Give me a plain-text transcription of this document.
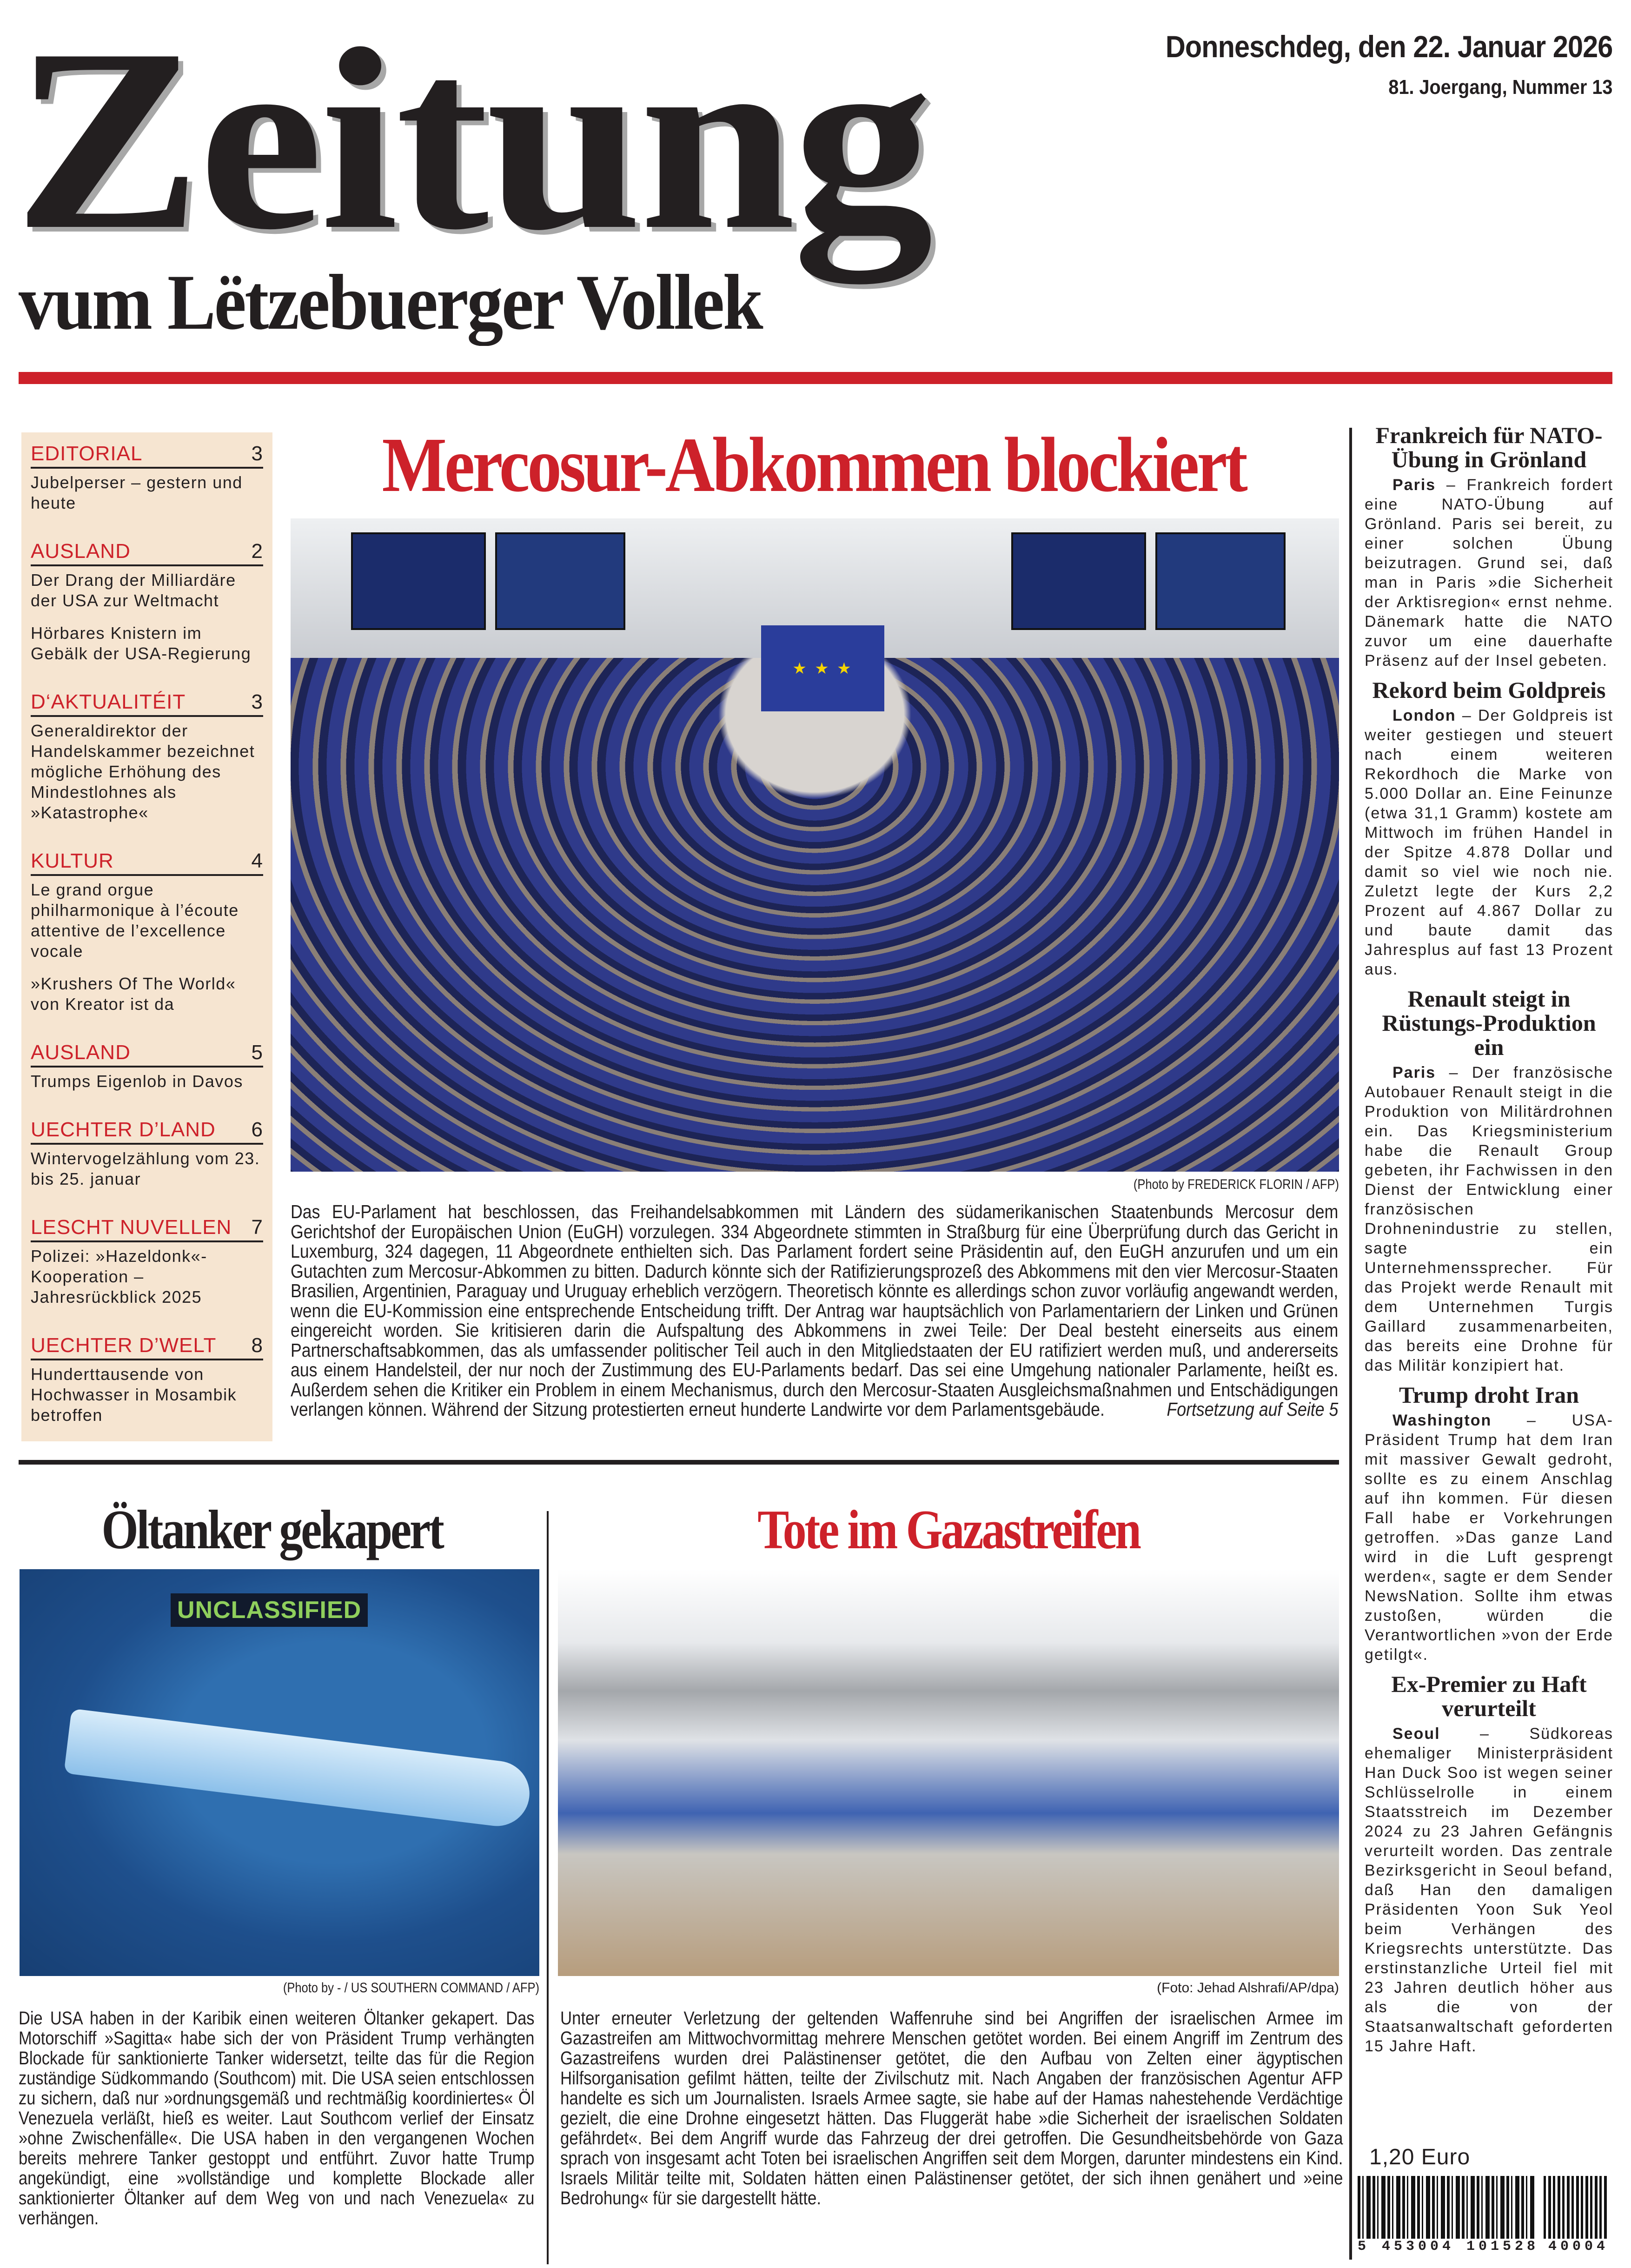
Zeitung
vum Lëtzebuerger Vollek
Donneschdeg, den 22. Januar 2026
81. Joergang, Nummer 13
EDITORIAL	3
Jubelperser – gestern und heute
AUSLAND	2
Der Drang der Milliardäre der USA zur Weltmacht
Hörbares Knistern im Gebälk der USA-Regierung
D‘AKTUALITÉIT	3
Generaldirektor der Handelskammer bezeichnet mögliche Erhöhung des Mindestlohnes als »Katastrophe«
KULTUR	4
Le grand orgue philharmonique à l’écoute attentive de l’excellence vocale
»Krushers Of The World« von Kreator ist da
AUSLAND	5
Trumps Eigenlob in Davos
UECHTER D’LAND 6
Wintervogelzählung vom 23. bis 25. januar
LESCHT NUVELLEN 7
Polizei: »Hazeldonk«-Kooperation – Jahresrückblick 2025
UECHTER D’WELT 8
Hunderttausende von Hochwasser in Mosambik betroffen
Mercosur-Abkommen blockiert
★ ★ ★
(Photo by FREDERICK FLORIN / AFP)
Das EU-Parlament hat beschlossen, das Freihandelsabkommen mit Ländern des südamerikanischen Staatenbunds Mercosur dem Gerichtshof der Europäischen Union (EuGH) vorzulegen. 334 Abgeordnete stimmten in Straßburg für eine Überprüfung durch das Gericht in Luxemburg, 324 dagegen, 11 Abgeordnete enthielten sich. Das Parlament fordert seine Präsidentin auf, den EuGH anzurufen und um ein Gutachten zum Mercosur-Abkommen zu bitten. Dadurch könnte sich der Ratifizierungsprozeß des Abkommens mit den vier Mercosur-Staaten Brasilien, Argentinien, Paraguay und Uruguay erheblich verzögern. Theoretisch könnte es allerdings schon zuvor vorläufig angewandt werden, wenn die EU-Kommission eine entsprechende Entscheidung trifft. Der Antrag war hauptsächlich von Parlamentariern der Linken und Grünen eingereicht worden. Sie kritisieren darin die Aufspaltung des Abkommens in zwei Teile: Der Deal besteht einerseits aus einem Partnerschaftsabkommen, das als umfassender politischer Teil auch in den Mitgliedstaaten der EU ratifiziert werden muß, und andererseits aus einem Handelsteil, der nur noch der Zustimmung des EU-Parlaments bedarf. Das sei eine Umgehung nationaler Parlamente, heißt es. Außerdem sehen die Kritiker ein Problem in einem Mechanismus, durch den Mercosur-Staaten Ausgleichsmaßnahmen und Entschädigungen verlangen können. Während der Sitzung protestierten erneut hunderte Landwirte vor dem Parlamentsgebäude.	Fortsetzung auf Seite 5
Frankreich für NATO-Übung in Grönland

Paris – Frankreich fordert eine NATO-Übung auf Grönland. Paris sei bereit, zu einer solchen Übung beizutragen. Grund sei, daß man in Paris »die Sicherheit der Arktisregion« ernst nehme. Dänemark hatte die NATO zuvor um eine dauerhafte Präsenz auf der Insel gebeten.

Rekord beim Goldpreis

London – Der Goldpreis ist weiter gestiegen und steuert nach einem weiteren Rekordhoch die Marke von 5.000 Dollar an. Eine Feinunze (etwa 31,1 Gramm) kostete am Mittwoch im frühen Handel in der Spitze 4.878 Dollar und damit so viel wie noch nie. Zuletzt legte der Kurs 2,2 Prozent auf 4.867 Dollar zu und baute damit das Jahresplus auf fast 13 Prozent aus.

Renault steigt in Rüstungs-Produktion ein

Paris – Der französische Autobauer Renault steigt in die Produktion von Militärdrohnen ein. Das Kriegsministerium habe die Renault Group gebeten, ihr Fachwissen in den Dienst der Entwicklung einer französischen Drohnenindustrie zu stellen, sagte ein Unternehmenssprecher. Für das Projekt werde Renault mit dem Unternehmen Turgis Gaillard zusammenarbeiten, das bereits eine Drohne für das Militär konzipiert hat.

Trump droht Iran

Washington – USA-Präsident Trump hat dem Iran mit massiver Gewalt gedroht, sollte es zu einem Anschlag auf ihn kommen. Für diesen Fall habe er Vorkehrungen getroffen. »Das ganze Land wird in die Luft gesprengt werden«, sagte er dem Sender NewsNation. Sollte ihm etwas zustoßen, würden die Verantwortlichen »von der Erde getilgt«.

Ex-Premier zu Haft verurteilt

Seoul – Südkoreas ehemaliger Ministerpräsident Han Duck Soo ist wegen seiner Schlüsselrolle in einem Staatsstreich im Dezember 2024 zu 23 Jahren Gefängnis verurteilt worden. Das zentrale Bezirksgericht in Seoul befand, daß Han den damaligen Präsidenten Yoon Suk Yeol beim Verhängen des Kriegsrechts unterstützte. Das erstinstanzliche Urteil fiel mit 23 Jahren deutlich höher aus als die von der Staatsanwaltschaft geforderten 15 Jahre Haft.

Öltanker gekapert
UNCLASSIFIED
(Photo by - / US SOUTHERN COMMAND / AFP)
Die USA haben in der Karibik einen weiteren Öltanker gekapert. Das Motorschiff »Sagitta« habe sich der von Präsident Trump verhängten Blockade für sanktionierte Tanker widersetzt, teilte das für die Region zuständige Südkommando (Southcom) mit. Die USA seien entschlossen zu sichern, daß nur »ordnungsgemäß und rechtmäßig koordiniertes« Öl Venezuela verläßt, hieß es weiter. Laut Southcom verlief der Einsatz »ohne Zwischenfälle«. Die USA haben in den vergangenen Wochen bereits mehrere Tanker gestoppt und entführt. Zuvor hatte Trump angekündigt, eine »vollständige und komplette Blockade aller sanktionierter Öltanker auf dem Weg von und nach Venezuela« zu verhängen.
Tote im Gazastreifen
(Foto: Jehad Alshrafi/AP/dpa)
Unter erneuter Verletzung der geltenden Waffenruhe sind bei Angriffen der israelischen Armee im Gazastreifen am Mittwochvormittag mehrere Menschen getötet worden. Bei einem Angriff im Zentrum des Gazastreifens wurden drei Palästinenser getötet, die den Aufbau von Zelten einer ägyptischen Hilfsorganisation gefilmt hätten, teilte der Zivilschutz mit. Nach Angaben der französischen Agentur AFP handelte es sich um Journalisten. Israels Armee sagte, sie habe auf der Hamas nahestehende Verdächtige gezielt, die eine Drohne eingesetzt hätten. Das Fluggerät habe »die Sicherheit der israelischen Soldaten gefährdet«. Bei dem Angriff wurde das Fahrzeug der drei getroffen. Die Gesundheitsbehörde von Gaza sprach von insgesamt acht Toten bei israelischen Angriffen seit dem Morgen, darunter mindestens ein Kind. Israels Militär teilte mit, Soldaten hätten einen Palästinenser getötet, der sich ihnen genähert und »eine Bedrohung« für sie dargestellt hätte.
1,20 Euro
5 453004 101528 40004
